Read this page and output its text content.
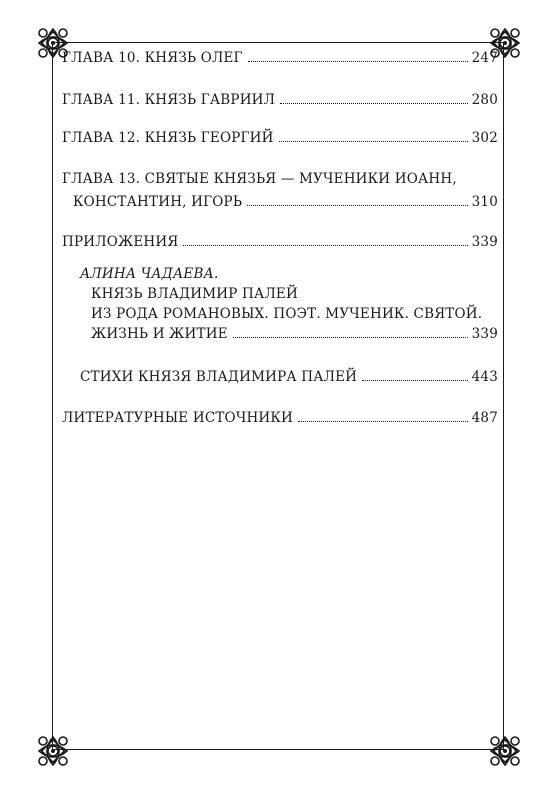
ГЛАВА 10. КНЯЗЬ ОЛЕГ	247
ГЛАВА 11. КНЯЗЬ ГАВРИИЛ	280
ГЛАВА 12. КНЯЗЬ ГЕОРГИЙ	302
ГЛАВА 13. СВЯТЫЕ КНЯЗЬЯ — МУЧЕНИКИ ИОАНН,
КОНСТАНТИН, ИГОРЬ	310
ПРИЛОЖЕНИЯ	339
АЛИНА ЧАДАЕВА.
КНЯЗЬ ВЛАДИМИР ПАЛЕЙ
ИЗ РОДА РОМАНОВЫХ. ПОЭТ. МУЧЕНИК. СВЯТОЙ.
ЖИЗНЬ И ЖИТИЕ	339
СТИХИ КНЯЗЯ ВЛАДИМИРА ПАЛЕЙ	443
ЛИТЕРАТУРНЫЕ ИСТОЧНИКИ	487
